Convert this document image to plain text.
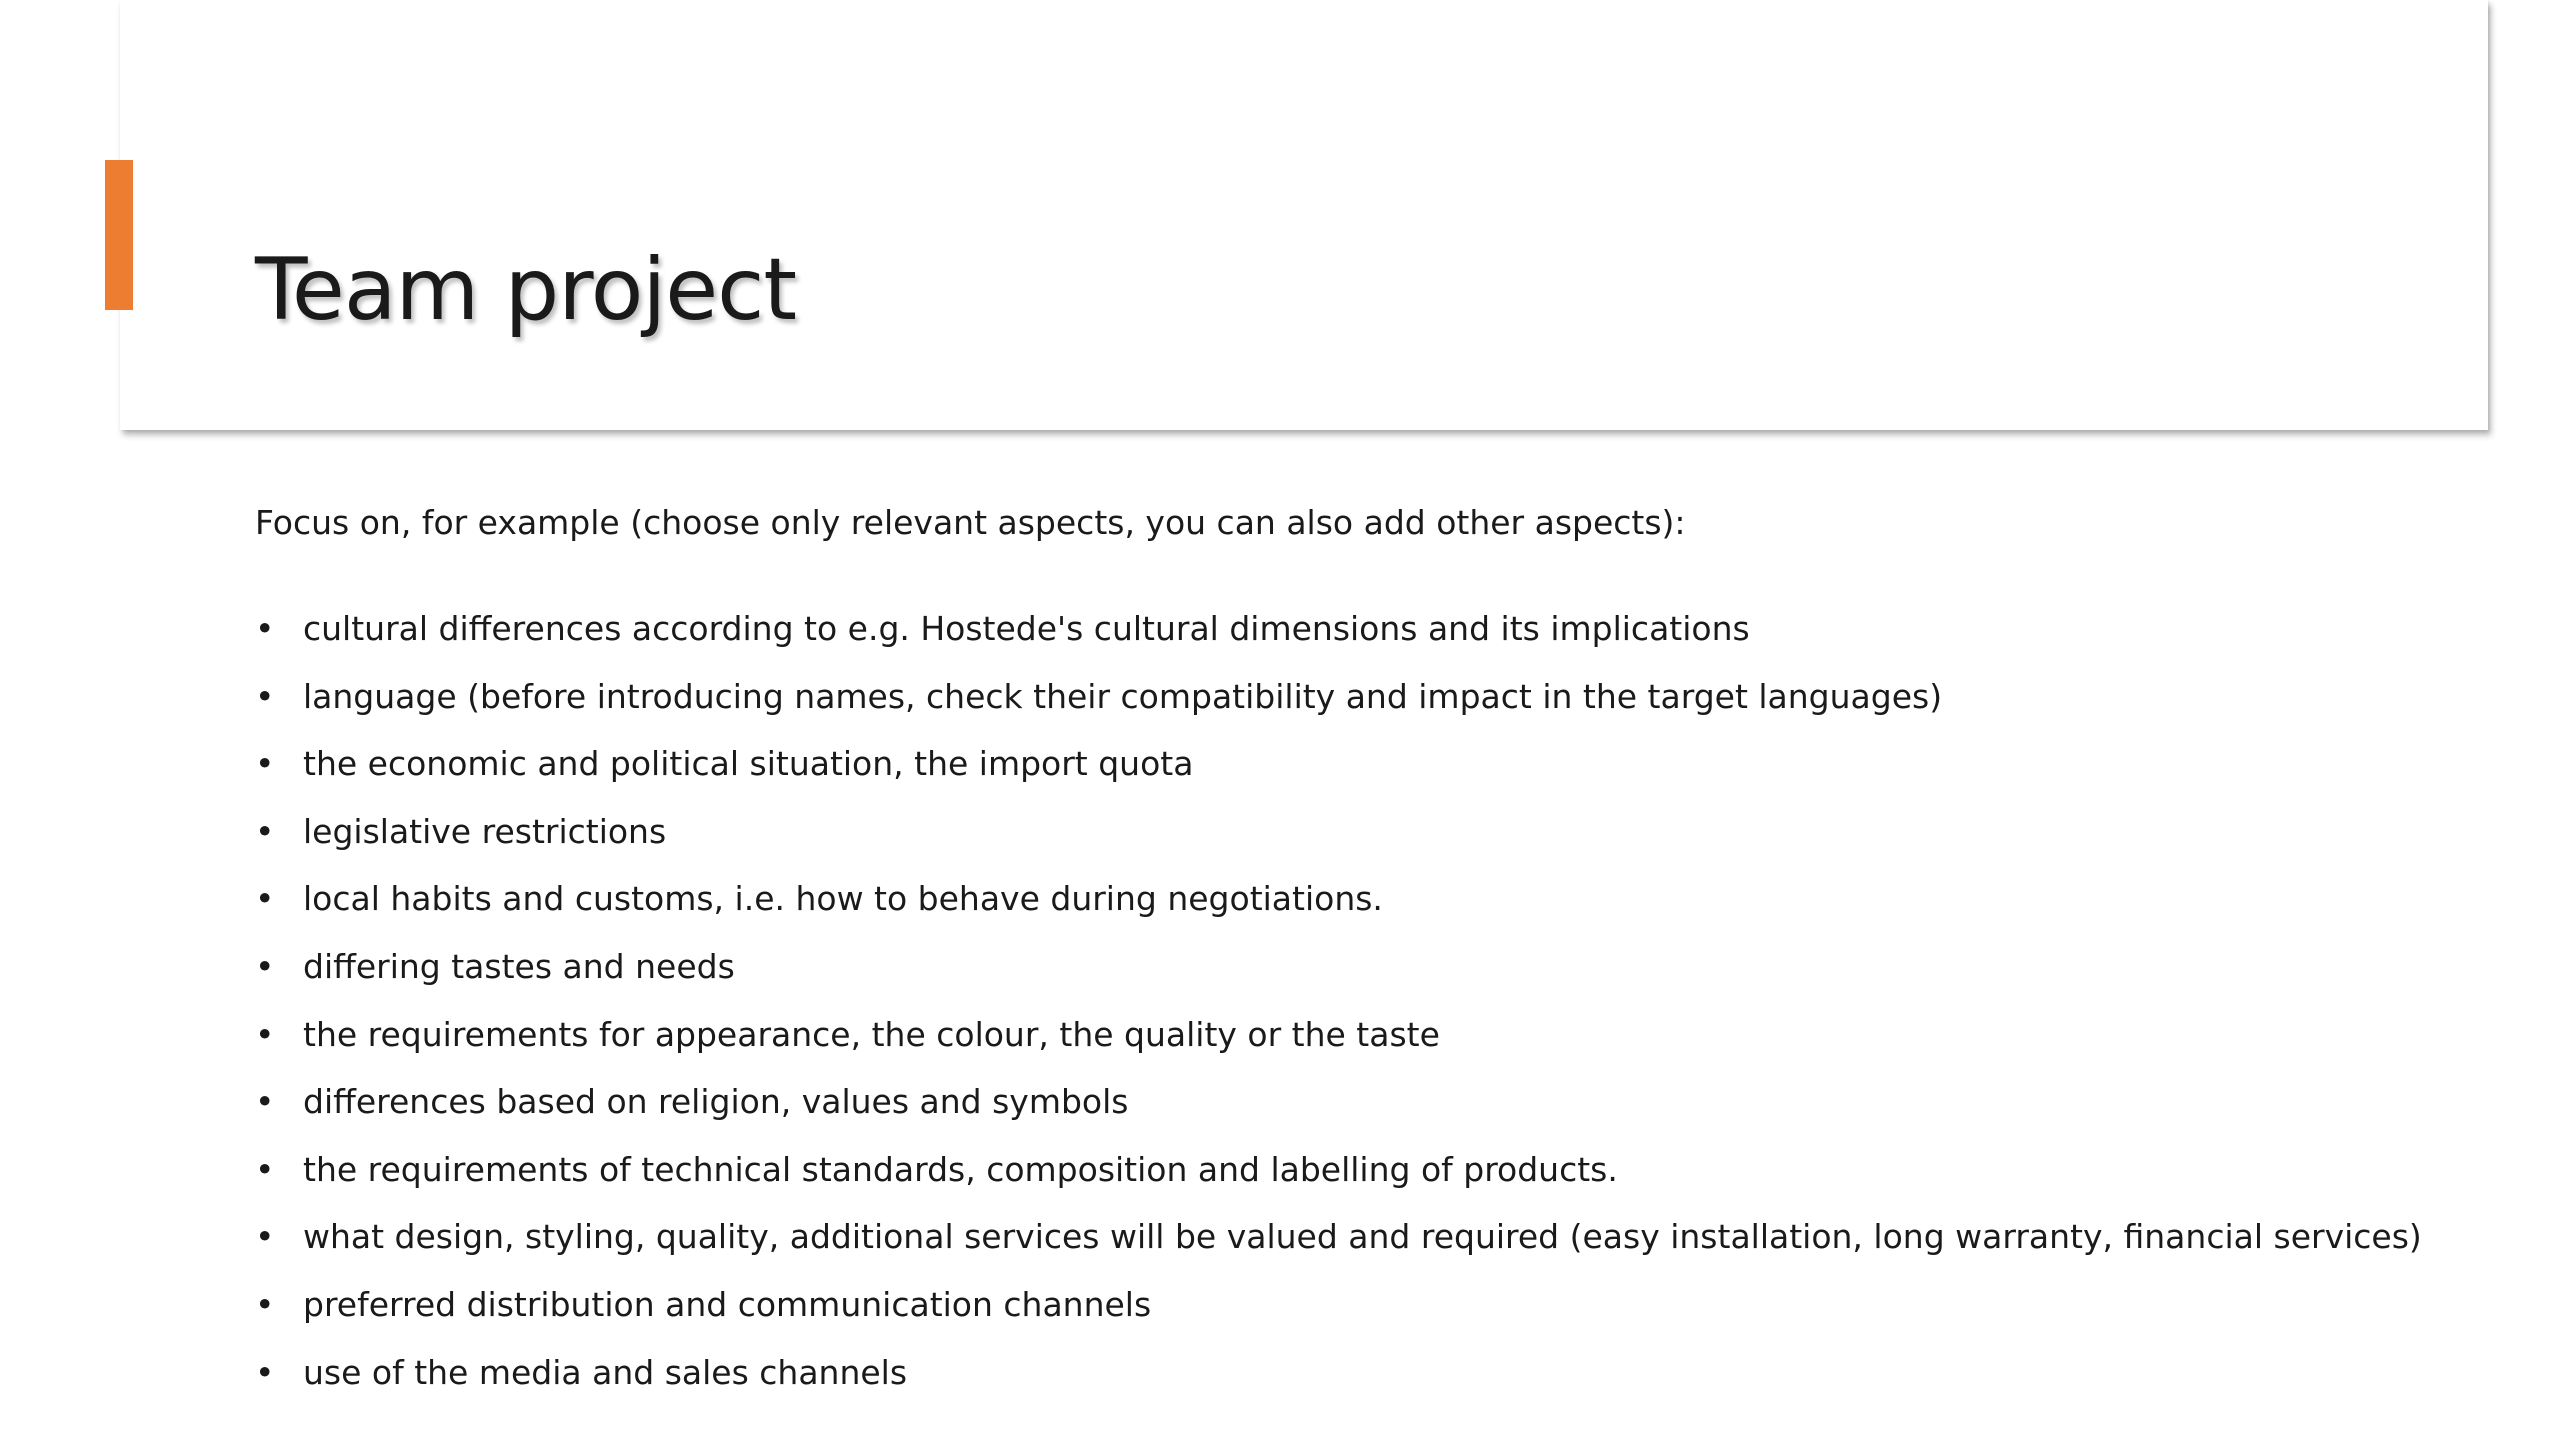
Team project

Focus on, for example (choose only relevant aspects, you can also add other aspects):

• cultural differences according to e.g. Hostede's cultural dimensions and its implications
• language (before introducing names, check their compatibility and impact in the target languages)
• the economic and political situation, the import quota
• legislative restrictions
• local habits and customs, i.e. how to behave during negotiations.
• differing tastes and needs
• the requirements for appearance, the colour, the quality or the taste
• differences based on religion, values and symbols
• the requirements of technical standards, composition and labelling of products.
• what design, styling, quality, additional services will be valued and required (easy installation, long warranty, financial services)
• preferred distribution and communication channels
• use of the media and sales channels
